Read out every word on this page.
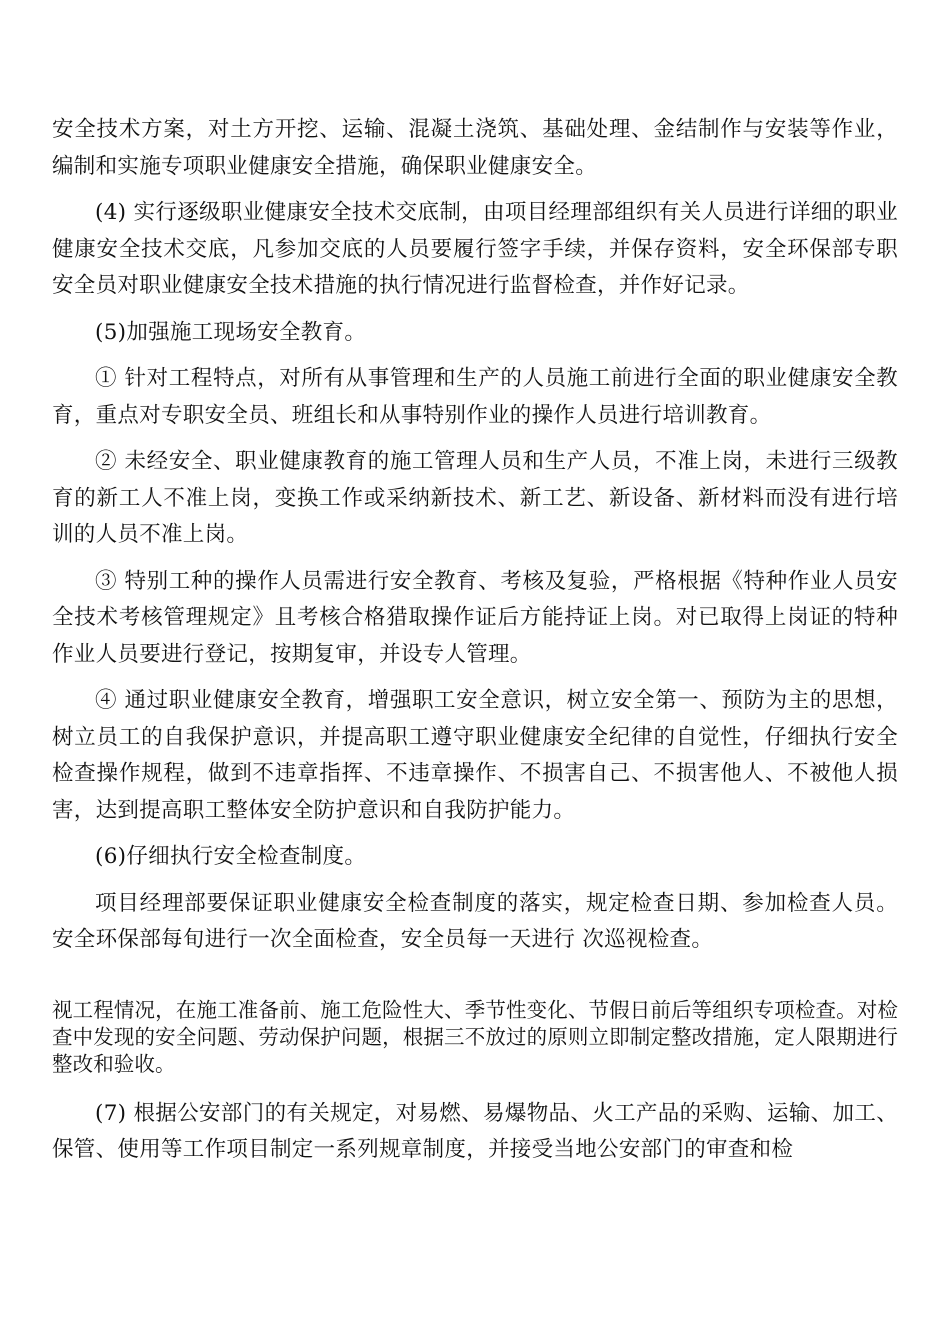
安全技术方案，对土方开挖、运输、混凝土浇筑、基础处理、金结制作与安装等作业，编制和实施专项职业健康安全措施，确保职业健康安全。

(4) 实行逐级职业健康安全技术交底制，由项目经理部组织有关人员进行详细的职业健康安全技术交底，凡参加交底的人员要履行签字手续，并保存资料，安全环保部专职安全员对职业健康安全技术措施的执行情况进行监督检查，并作好记录。

(5)加强施工现场安全教育。

① 针对工程特点，对所有从事管理和生产的人员施工前进行全面的职业健康安全教育，重点对专职安全员、班组长和从事特别作业的操作人员进行培训教育。

② 未经安全、职业健康教育的施工管理人员和生产人员，不准上岗，未进行三级教育的新工人不准上岗，变换工作或采纳新技术、新工艺、新设备、新材料而没有进行培训的人员不准上岗。

③ 特别工种的操作人员需进行安全教育、考核及复验，严格根据《特种作业人员安全技术考核管理规定》且考核合格猎取操作证后方能持证上岗。对已取得上岗证的特种作业人员要进行登记，按期复审，并设专人管理。

④ 通过职业健康安全教育，增强职工安全意识，树立安全第一、预防为主的思想，树立员工的自我保护意识，并提高职工遵守职业健康安全纪律的自觉性，仔细执行安全检查操作规程，做到不违章指挥、不违章操作、不损害自己、不损害他人、不被他人损害，达到提高职工整体安全防护意识和自我防护能力。

(6)仔细执行安全检查制度。

项目经理部要保证职业健康安全检查制度的落实，规定检查日期、参加检查人员。安全环保部每旬进行一次全面检查，安全员每一天进行 次巡视检查。

视工程情况，在施工准备前、施工危险性大、季节性变化、节假日前后等组织专项检查。对检查中发现的安全问题、劳动保护问题，根据三不放过的原则立即制定整改措施，定人限期进行整改和验收。

(7) 根据公安部门的有关规定，对易燃、易爆物品、火工产品的采购、运输、加工、保管、使用等工作项目制定一系列规章制度，并接受当地公安部门的审查和检
